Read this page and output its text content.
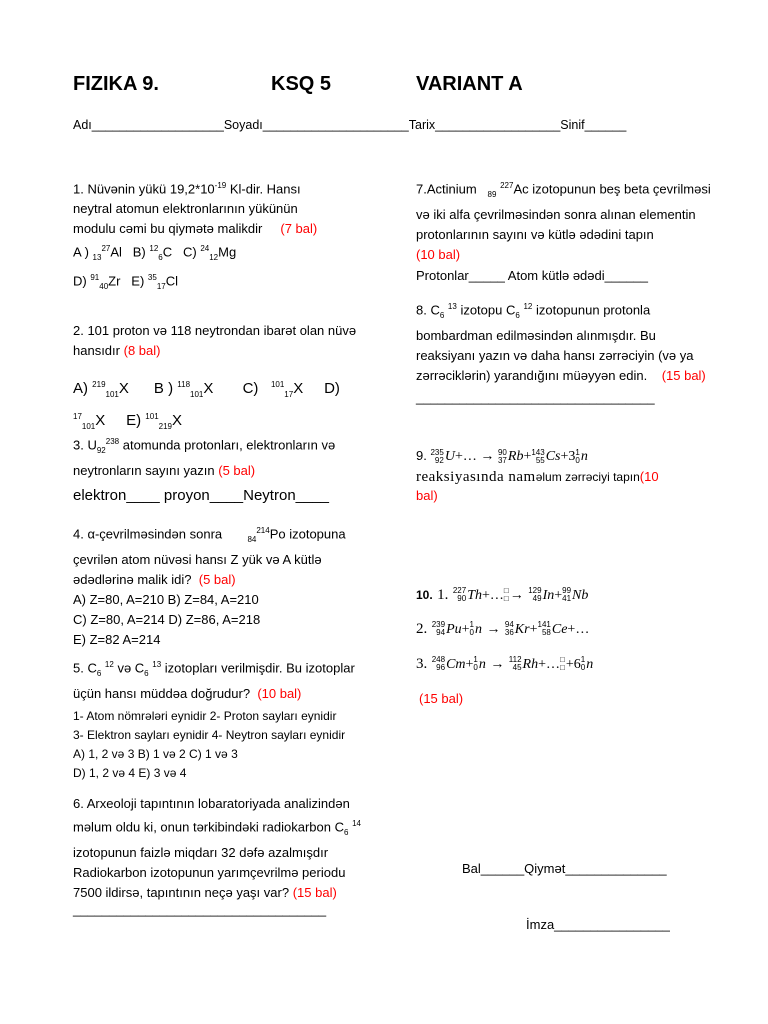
FIZIKA 9.	KSQ 5	VARIANT A
Adı___________________Soyadı_____________________Tarix__________________Sinif______
1. Nüvənin yükü $19,2*10^{-19}$ Kl-dir. Hansı
neytral atomun elektronlarının yükünün
modulu cəmi bu qiymətə malikdir (7 bal)
A ) $_{13}^{27}$Al B) $^{12}_6$C C) $^{24}_{12}$Mg
D) $^{91}_{40}$Zr E) $^{35}_{17}$Cl
2. 101 proton və 118 neytrondan ibarət olan nüvə
hansıdır (8 bal)
A) $^{219}_{101}$X B ) $^{118}_{101}$X C) $^{101}_{17}$X D)
$^{17}_{101}$X E) $^{101}_{219}$X
3. $U_{92}^{238}$ atomunda protonları, elektronların və
neytronların sayını yazın (5 bal)
elektron____ proyon____Neytron____
4. α-çevrilməsindən sonra	$_{84}^{214}$Po izotopuna
çevrilən atom nüvəsi hansı Z yük və A kütlə
ədədlərinə malik idi? (5 bal)
A) Z=80, A=210 B) Z=84, A=210
C) Z=80, A=214 D) Z=86, A=218
E) Z=82 A=214
5. $C_6$ $^{12}$ və $C_6$ $^{13}$ izotopları verilmişdir. Bu izotoplar
üçün hansı müddəa doğrudur? (10 bal)
1- Atom nömrələri eynidir 2- Proton sayları eynidir
3- Elektron sayları eynidir 4- Neytron sayları eynidir
A) 1, 2 və 3 B) 1 və 2 C) 1 və 3
D) 1, 2 və 4 E) 3 və 4
6. Arxeoloji tapıntının lobaratoriyada analizindən
məlum oldu ki, onun tərkibindəki radiokarbon $C_6$ $^{14}$
izotopunun faizlə miqdarı 32 dəfə azalmışdır
Radiokarbon izotopunun yarımçevrilmə periodu
7500 ildirsə, tapıntının neçə yaşı var? (15 bal)
___________________________________
7.Actinium $_{89}$ $^{227}$Ac izotopunun beş beta çevrilməsi
və iki alfa çevrilməsindən sonra alınan elementin
protonlarının sayını və kütlə ədədini tapın
(10 bal)
Protonlar_____ Atom kütlə ədədi______
8. $C_6$ $^{13}$ izotopu $C_6$ $^{12}$ izotopunun protonla
bombardman edilməsindən alınmışdır. Bu
reaksiyanı yazın və daha hansı zərrəciyin (və ya
zərrəciklərin) yarandığını müəyyən edin. (15 bal)
_________________________________
9. 235
92 U+… → 90
37 Rb+ 143
55 Cs+3 1
0 n
reaksiyasında naməlum zərrəciyi tapın(10
bal)
10. 1. 227
90 Th+… □
□ → 129
49 In+ 99
41 Nb
2. 239
94 Pu+ 1
0 n → 94
36 Kr+ 141
58 Ce+…
3. 248
96 Cm+ 1
0 n → 112
45 Rh+… □
□ +6 1
0 n
(15 bal)
Bal______Qiymət______________
İmza________________
